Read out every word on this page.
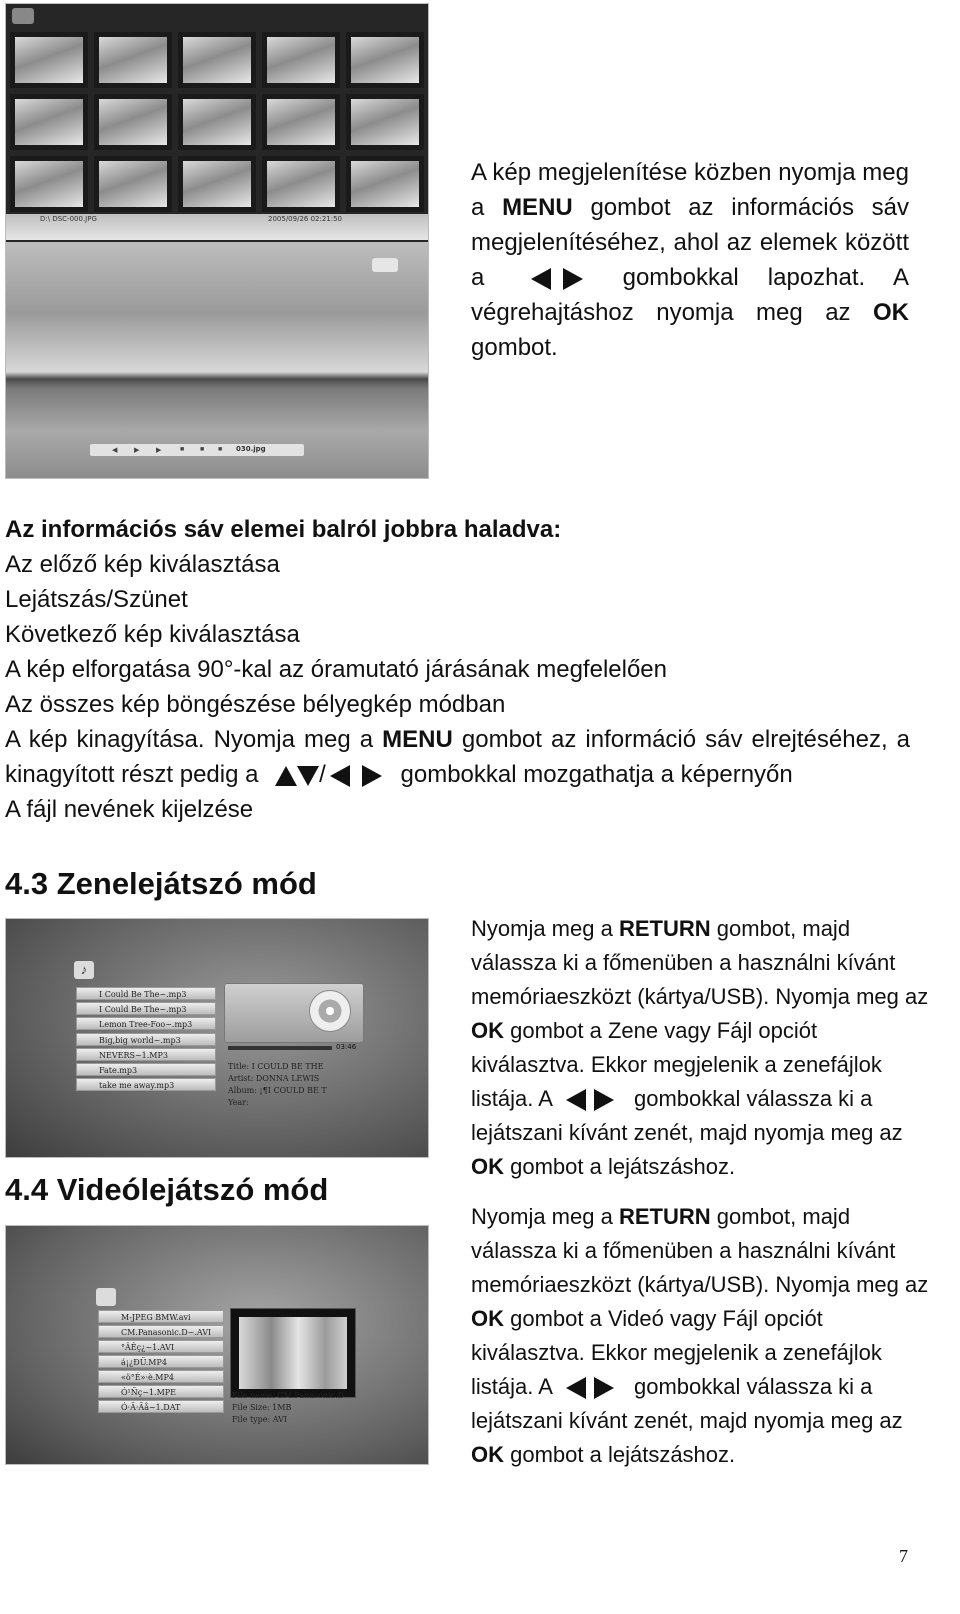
D:\ DSC-000.JPG	2005/09/26 02:21:50
◀ ▶ ▶	■ ■ ■ 030.jpg
A kép megjelenítése közben nyomja meg a MENU gombot az információs sáv megjelenítéséhez, ahol az elemek között a	gombokkal lapozhat. A végrehajtáshoz nyomja meg az OK gombot.
Az információs sáv elemei balról jobbra haladva:
Az előző kép kiválasztása
Lejátszás/Szünet
Következő kép kiválasztása
A kép elforgatása 90°-kal az óramutató járásának megfelelően
Az összes kép böngészése bélyegkép módban
A kép kinagyítása. Nyomja meg a MENU gombot az információ sáv elrejtéséhez, a kinagyított részt pedig a	/	gombokkal mozgathatja a képernyőn
A fájl nevének kijelzése
4.3 Zenelejátszó mód
♪
I Could Be The~.mp3
I Could Be The~.mp3
Lemon Tree-Foo~.mp3
Big,big world~.mp3
NEVERS~1.MP3
Fate.mp3
take me away.mp3
03:46
Title: I COULD BE THE
Artist: DONNA LEWIS
Album: ¡¶I COULD BE T
Year:
Nyomja meg a RETURN gombot, majd válassza ki a főmenüben a használni kívánt memóriaeszközt (kártya/USB). Nyomja meg az OK gombot a Zene vagy Fájl opciót kiválasztva. Ekkor megjelenik a zenefájlok listája. A	gombokkal válassza ki a lejátszani kívánt zenét, majd nyomja meg az OK gombot a lejátszáshoz.
4.4 Videólejátszó mód
M-JPEG BMW.avi
CM.Panasonic.D~.AVI
°ÂÊç¿~1.AVI
á¡¿ÐÜ.MP4
«ö°É»·è.MP4
Ó¹Ñç~1.MPE
Ó·Ã·Ãå~1.DAT
File name: CM.Panasonic.D
File Size: 1MB
File type: AVI
Nyomja meg a RETURN gombot, majd válassza ki a főmenüben a használni kívánt memóriaeszközt (kártya/USB). Nyomja meg az OK gombot a Videó vagy Fájl opciót kiválasztva. Ekkor megjelenik a zenefájlok listája. A	gombokkal válassza ki a lejátszani kívánt zenét, majd nyomja meg az OK gombot a lejátszáshoz.
7
